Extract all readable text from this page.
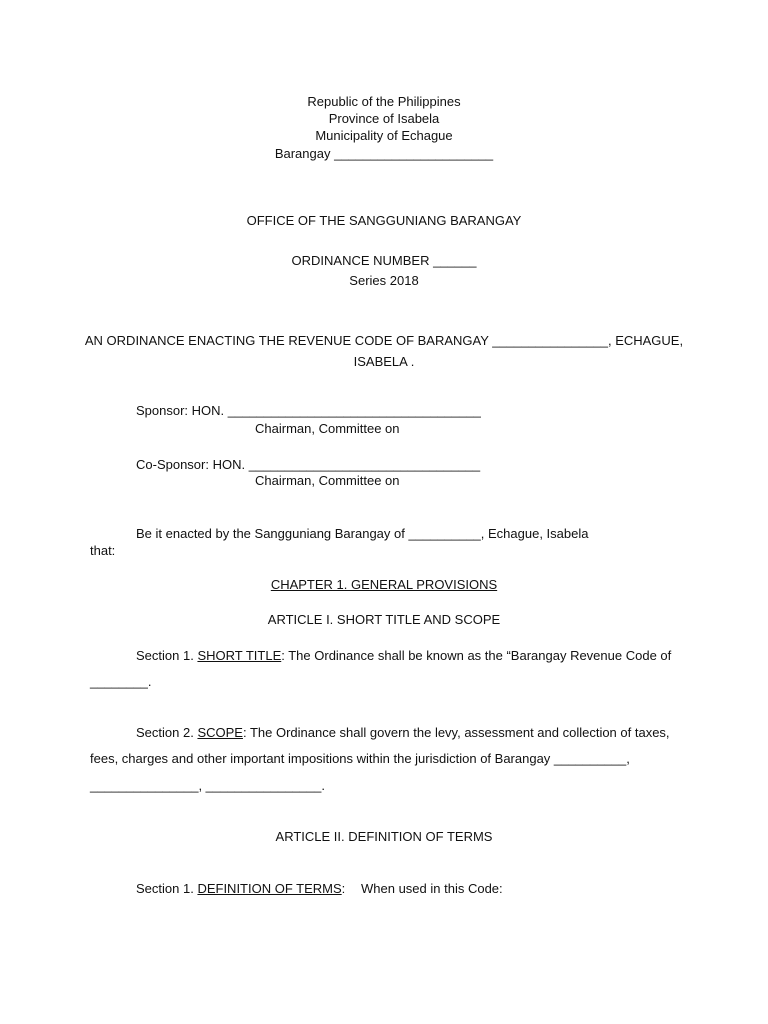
Republic of the Philippines
Province of Isabela
Municipality of Echague
Barangay ______________________
OFFICE OF THE SANGGUNIANG BARANGAY
ORDINANCE NUMBER ______
Series 2018
AN ORDINANCE ENACTING THE REVENUE CODE OF BARANGAY ________________, ECHAGUE,
ISABELA .
Sponsor: HON. ___________________________________
Chairman, Committee on
Co-Sponsor: HON. ________________________________
Chairman, Committee on
Be it enacted by the Sangguniang Barangay of __________, Echague, Isabela
that:
CHAPTER 1. GENERAL PROVISIONS
ARTICLE I. SHORT TITLE AND SCOPE
Section 1. SHORT TITLE: The Ordinance shall be known as the “Barangay Revenue Code of
________.
Section 2. SCOPE: The Ordinance shall govern the levy, assessment and collection of taxes,
fees, charges and other important impositions within the jurisdiction of Barangay __________,
_______________, ________________.
ARTICLE II. DEFINITION OF TERMS
Section 1. DEFINITION OF TERMS: When used in this Code:
